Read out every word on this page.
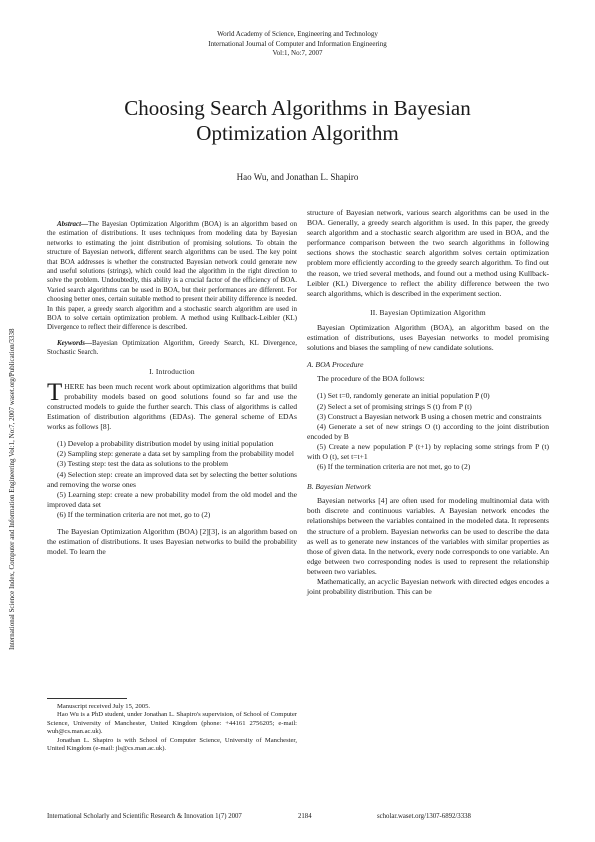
World Academy of Science, Engineering and Technology
International Journal of Computer and Information Engineering
Vol:1, No:7, 2007
Choosing Search Algorithms in Bayesian
Optimization Algorithm
Hao Wu, and Jonathan L. Shapiro
International Science Index, Computer and Information Engineering Vol:1, No:7, 2007 waset.org/Publication/3338

Abstract—The Bayesian Optimization Algorithm (BOA) is an algorithm based on the estimation of distributions. It uses techniques from modeling data by Bayesian networks to estimating the joint distribution of promising solutions. To obtain the structure of Bayesian network, different search algorithms can be used. The key point that BOA addresses is whether the constructed Bayesian network could generate new and useful solutions (strings), which could lead the algorithm in the right direction to solve the problem. Undoubtedly, this ability is a crucial factor of the efficiency of BOA. Varied search algorithms can be used in BOA, but their performances are different. For choosing better ones, certain suitable method to present their ability difference is needed. In this paper, a greedy search algorithm and a stochastic search algorithm are used in BOA to solve certain optimization problem. A method using Kullback-Leibler (KL) Divergence to reflect their difference is described.

Keywords—Bayesian Optimization Algorithm, Greedy Search, KL Divergence, Stochastic Search.

I. Introduction

THERE has been much recent work about optimization algorithms that build probability models based on good solutions found so far and use the constructed models to guide the further search. This class of algorithms is called Estimation of distribution algorithms (EDAs). The general scheme of EDAs works as follows [8].

(1) Develop a probability distribution model by using initial population

(2) Sampling step: generate a data set by sampling from the probability model

(3) Testing step: test the data as solutions to the problem

(4) Selection step: create an improved data set by selecting the better solutions and removing the worse ones

(5) Learning step: create a new probability model from the old model and the improved data set

(6) If the termination criteria are not met, go to (2)

The Bayesian Optimization Algorithm (BOA) [2][3], is an algorithm based on the estimation of distributions. It uses Bayesian networks to build the probability model. To learn the

Manuscript received July 15, 2005.

Hao Wu is a PhD student, under Jonathan L. Shapiro's supervision, of School of Computer Science, University of Manchester, United Kingdom (phone: +44161 2756205; e-mail: wuh@cs.man.ac.uk).

Jonathan L. Shapiro is with School of Computer Science, University of Manchester, United Kingdom (e-mail: jls@cs.man.ac.uk).

structure of Bayesian network, various search algorithms can be used in the BOA. Generally, a greedy search algorithm is used. In this paper, the greedy search algorithm and a stochastic search algorithm are used in BOA, and the performance comparison between the two search algorithms in following sections shows the stochastic search algorithm solves certain optimization problem more efficiently according to the greedy search algorithm. To find out the reason, we tried several methods, and found out a method using Kullback-Leibler (KL) Divergence to reflect the ability difference between the two search algorithms, which is described in the experiment section.

II. Bayesian Optimization Algorithm

Bayesian Optimization Algorithm (BOA), an algorithm based on the estimation of distributions, uses Bayesian networks to model promising solutions and biases the sampling of new candidate solutions.

A. BOA Procedure

The procedure of the BOA follows:

(1) Set t=0, randomly generate an initial population P (0)

(2) Select a set of promising strings S (t) from P (t)

(3) Construct a Bayesian network B using a chosen metric and constraints

(4) Generate a set of new strings O (t) according to the joint distribution encoded by B

(5) Create a new population P (t+1) by replacing some strings from P (t) with O (t), set t=t+1

(6) If the termination criteria are not met, go to (2)

B. Bayesian Network

Bayesian networks [4] are often used for modeling multinomial data with both discrete and continuous variables. A Bayesian network encodes the relationships between the variables contained in the modeled data. It represents the structure of a problem. Bayesian networks can be used to describe the data as well as to generate new instances of the variables with similar properties as those of given data. In the network, every node corresponds to one variable. An edge between two corresponding nodes is used to represent the relationship between two variables.

Mathematically, an acyclic Bayesian network with directed edges encodes a joint probability distribution. This can be

International Scholarly and Scientific Research & Innovation 1(7) 2007	2184	scholar.waset.org/1307-6892/3338
